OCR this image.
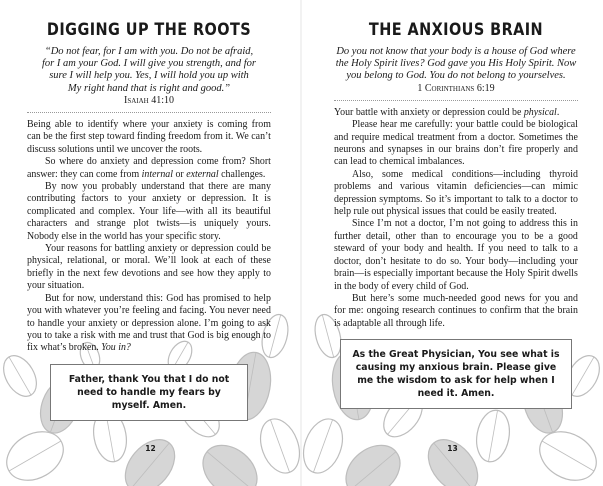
DIGGING UP THE ROOTS
“Do not fear, for I am with you. Do not be afraid, for I am your God. I will give you strength, and for sure I will help you. Yes, I will hold you up with My right hand that is right and good.”
Isaiah 41:10

Being able to identify where your anxiety is coming from can be the first step toward finding freedom from it. We can’t discuss solutions until we uncover the roots.

So where do anxiety and depression come from? Short answer: they can come from internal or external challenges.

By now you probably understand that there are many contributing factors to your anxiety or depression. It is complicated and complex. Your life—with all its beautiful characters and strange plot twists—is uniquely yours. Nobody else in the world has your specific story.

Your reasons for battling anxiety or depression could be physical, relational, or moral. We’ll look at each of these briefly in the next few devotions and see how they apply to your situation.

But for now, understand this: God has promised to help you with whatever you’re feeling and facing. You never need to handle your anxiety or depression alone. I’m going to ask you to take a risk with me and trust that God is big enough to fix what’s broken. You in?

Father, thank You that I do not need to handle my fears by myself. Amen.
12
THE ANXIOUS BRAIN
Do you not know that your body is a house of God where the Holy Spirit lives? God gave you His Holy Spirit. Now you belong to God. You do not belong to yourselves.
1 Corinthians 6:19

Your battle with anxiety or depression could be physical.

Please hear me carefully: your battle could be biological and require medical treatment from a doctor. Sometimes the neurons and synapses in our brains don’t fire properly and can lead to chemical imbalances.

Also, some medical conditions—including thyroid problems and various vitamin deficiencies—can mimic depression symptoms. So it’s important to talk to a doctor to help rule out physical issues that could be easily treated.

Since I’m not a doctor, I’m not going to address this in further detail, other than to encourage you to be a good steward of your body and health. If you need to talk to a doctor, don’t hesitate to do so. Your body—including your brain—is especially important because the Holy Spirit dwells in the body of every child of God.

But here’s some much-needed good news for you and for me: ongoing research continues to confirm that the brain is adaptable all through life.

As the Great Physician, You see what is causing my anxious brain. Please give me the wisdom to ask for help when I need it. Amen.
13
